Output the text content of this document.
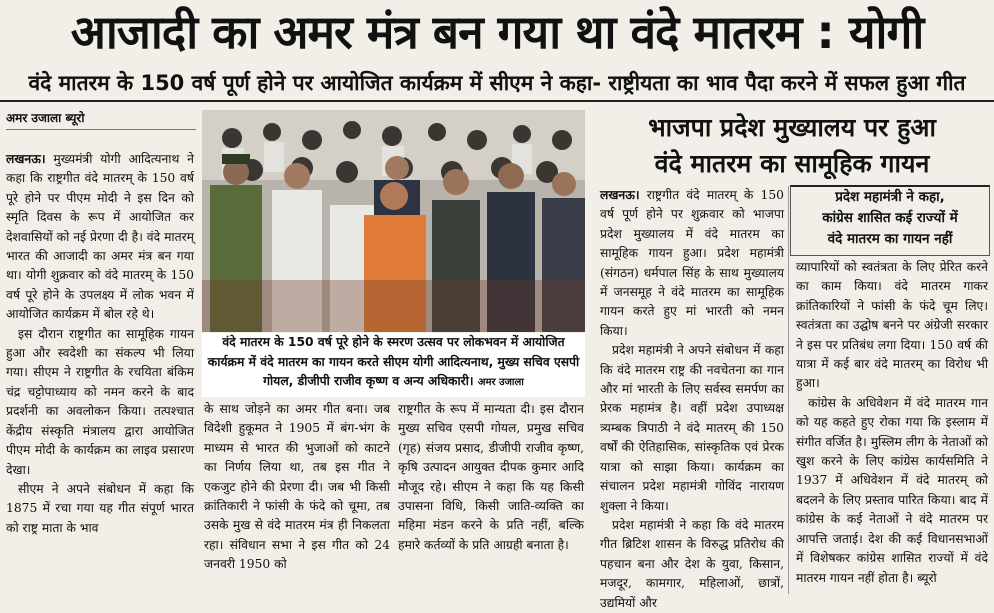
आजादी का अमर मंत्र बन गया था वंदे मातरम : योगी
वंदे मातरम के 150 वर्ष पूर्ण होने पर आयोजित कार्यक्रम में सीएम ने कहा- राष्ट्रीयता का भाव पैदा करने में सफल हुआ गीत
अमर उजाला ब्यूरो

लखनऊ। मुख्यमंत्री योगी आदित्यनाथ ने कहा कि राष्ट्रगीत वंदे मातरम् के 150 वर्ष पूरे होने पर पीएम मोदी ने इस दिन को स्मृति दिवस के रूप में आयोजित कर देशवासियों को नई प्रेरणा दी है। वंदे मातरम् भारत की आजादी का अमर मंत्र बन गया था। योगी शुक्रवार को वंदे मातरम् के 150 वर्ष पूरे होने के उपलक्ष्य में लोक भवन में आयोजित कार्यक्रम में बोल रहे थे।

इस दौरान राष्ट्रगीत का सामूहिक गायन हुआ और स्वदेशी का संकल्प भी लिया गया। सीएम ने राष्ट्रगीत के रचयिता बंकिम चंद्र चट्टोपाध्याय को नमन करने के बाद प्रदर्शनी का अवलोकन किया। तत्पश्चात केंद्रीय संस्कृति मंत्रालय द्वारा आयोजित पीएम मोदी के कार्यक्रम का लाइव प्रसारण देखा।

सीएम ने अपने संबोधन में कहा कि 1875 में रचा गया यह गीत संपूर्ण भारत को राष्ट्र माता के भाव

वंदे मातरम के 150 वर्ष पूरे होने के स्मरण उत्सव पर लोकभवन में आयोजित कार्यक्रम में वंदे मातरम का गायन करते सीएम योगी आदित्यनाथ, मुख्य सचिव एसपी गोयल, डीजीपी राजीव कृष्ण व अन्य अधिकारी। अमर उजाला

के साथ जोड़ने का अमर गीत बना। जब विदेशी हुकूमत ने 1905 में बंग-भंग के माध्यम से भारत की भुजाओं को काटने का निर्णय लिया था, तब इस गीत ने एकजुट होने की प्रेरणा दी। जब भी किसी क्रांतिकारी ने फांसी के फंदे को चूमा, तब उसके मुख से वंदे मातरम मंत्र ही निकलता रहा। संविधान सभा ने इस गीत को 24 जनवरी 1950 को

राष्ट्रगीत के रूप में मान्यता दी। इस दौरान मुख्य सचिव एसपी गोयल, प्रमुख सचिव (गृह) संजय प्रसाद, डीजीपी राजीव कृष्ण, कृषि उत्पादन आयुक्त दीपक कुमार आदि मौजूद रहे। सीएम ने कहा कि यह किसी उपासना विधि, किसी जाति-व्यक्ति का महिमा मंडन करने के प्रति नहीं, बल्कि हमारे कर्तव्यों के प्रति आग्रही बनाता है।

भाजपा प्रदेश मुख्यालय पर हुआ
वंदे मातरम का सामूहिक गायन

लखनऊ। राष्ट्रगीत वंदे मातरम् के 150 वर्ष पूर्ण होने पर शुक्रवार को भाजपा प्रदेश मुख्यालय में वंदे मातरम का सामूहिक गायन हुआ। प्रदेश महामंत्री (संगठन) धर्मपाल सिंह के साथ मुख्यालय में जनसमूह ने वंदे मातरम का सामूहिक गायन करते हुए मां भारती को नमन किया।

प्रदेश महामंत्री ने अपने संबोधन में कहा कि वंदे मातरम राष्ट्र की नवचेतना का गान और मां भारती के लिए सर्वस्व समर्पण का प्रेरक महामंत्र है। वहीं प्रदेश उपाध्यक्ष त्र्यम्बक त्रिपाठी ने वंदे मातरम् की 150 वर्षों की ऐतिहासिक, सांस्कृतिक एवं प्रेरक यात्रा को साझा किया। कार्यक्रम का संचालन प्रदेश महामंत्री गोविंद नारायण शुक्ला ने किया।

प्रदेश महामंत्री ने कहा कि वंदे मातरम गीत ब्रिटिश शासन के विरुद्ध प्रतिरोध की पहचान बना और देश के युवा, किसान, मजदूर, कामगार, महिलाओं, छात्रों, उद्यमियों और

प्रदेश महामंत्री ने कहा,
कांग्रेस शासित कई राज्यों में
वंदे मातरम का गायन नहीं

व्यापारियों को स्वतंत्रता के लिए प्रेरित करने का काम किया। वंदे मातरम गाकर क्रांतिकारियों ने फांसी के फंदे चूम लिए। स्वतंत्रता का उद्घोष बनने पर अंग्रेजी सरकार ने इस पर प्रतिबंध लगा दिया। 150 वर्ष की यात्रा में कई बार वंदे मातरम् का विरोध भी हुआ।

कांग्रेस के अधिवेशन में वंदे मातरम गान को यह कहते हुए रोका गया कि इस्लाम में संगीत वर्जित है। मुस्लिम लीग के नेताओं को खुश करने के लिए कांग्रेस कार्यसमिति ने 1937 में अधिवेशन में वंदे मातरम् को बदलने के लिए प्रस्ताव पारित किया। बाद में कांग्रेस के कई नेताओं ने वंदे मातरम पर आपत्ति जताई। देश की कई विधानसभाओं में विशेषकर कांग्रेस शासित राज्यों में वंदे मातरम गायन नहीं होता है। ब्यूरो
